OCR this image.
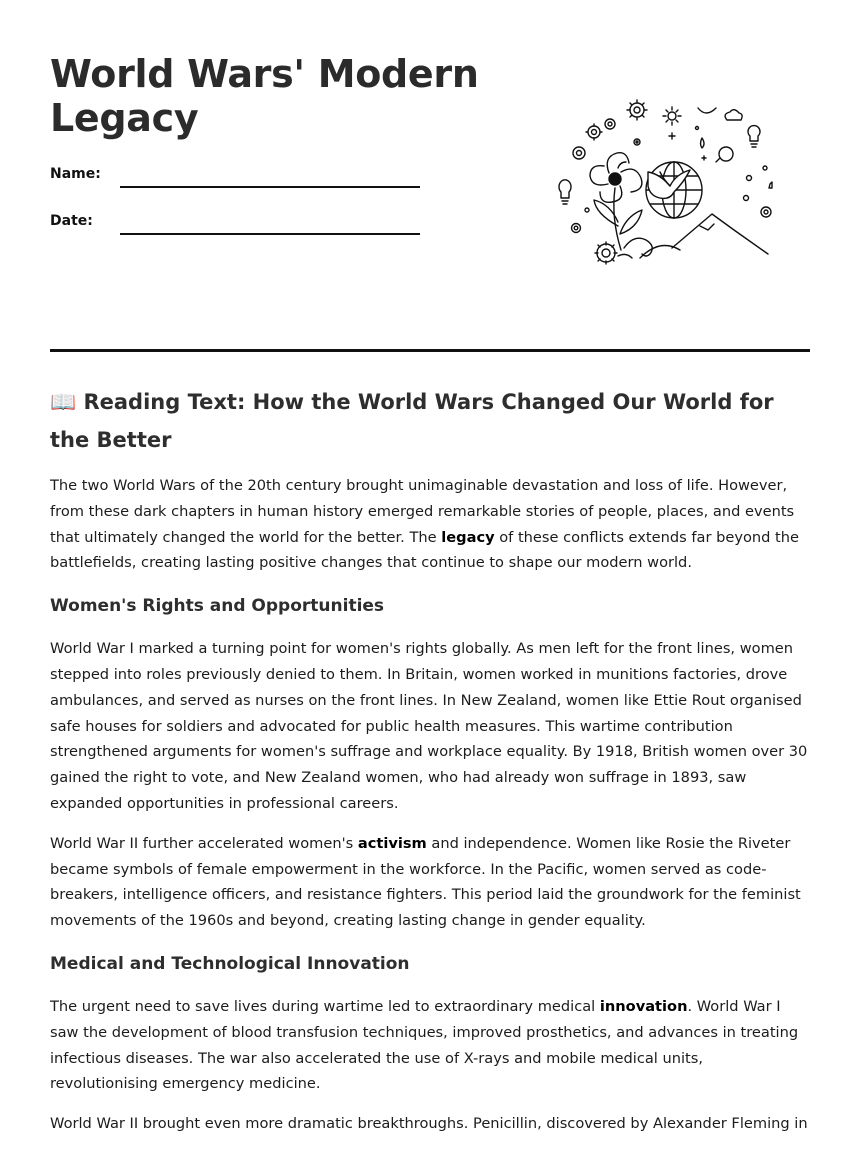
World Wars' Modern Legacy
Name:
Date:
📖 Reading Text: How the World Wars Changed Our World for the Better

The two World Wars of the 20th century brought unimaginable devastation and loss of life. However, from these dark chapters in human history emerged remarkable stories of people, places, and events that ultimately changed the world for the better. The legacy of these conflicts extends far beyond the battlefields, creating lasting positive changes that continue to shape our modern world.

Women's Rights and Opportunities

World War I marked a turning point for women's rights globally. As men left for the front lines, women stepped into roles previously denied to them. In Britain, women worked in munitions factories, drove ambulances, and served as nurses on the front lines. In New Zealand, women like Ettie Rout organised safe houses for soldiers and advocated for public health measures. This wartime contribution strengthened arguments for women's suffrage and workplace equality. By 1918, British women over 30 gained the right to vote, and New Zealand women, who had already won suffrage in 1893, saw expanded opportunities in professional careers.

World War II further accelerated women's activism and independence. Women like Rosie the Riveter became symbols of female empowerment in the workforce. In the Pacific, women served as code-breakers, intelligence officers, and resistance fighters. This period laid the groundwork for the feminist movements of the 1960s and beyond, creating lasting change in gender equality.

Medical and Technological Innovation

The urgent need to save lives during wartime led to extraordinary medical innovation. World War I saw the development of blood transfusion techniques, improved prosthetics, and advances in treating infectious diseases. The war also accelerated the use of X-rays and mobile medical units, revolutionising emergency medicine.

World War II brought even more dramatic breakthroughs. Penicillin, discovered by Alexander Fleming in
